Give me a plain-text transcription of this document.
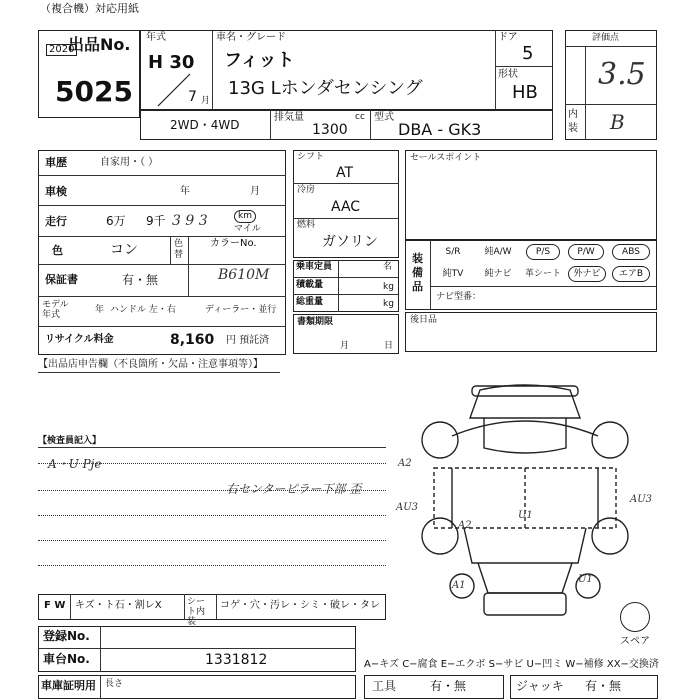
（複合機）対応用紙
出品No.
2020
5025
年式
H 30
7 月
車名・グレード
フィット
13G Lホンダセンシング
ドア
5
形状
HB
2WD・4WD
排気量
1300
cc 型式
DBA - GK3
評価点
3.5
内装 B
車歴	自家用・（ ）
車検	年	月
走行	6万 9千 3 9 3	km
マイル
色	コン	色替
カラーNo.
B610M
保証書	有・無
モデル年式	年 ハンドル 左・右	ディーラー・並行
リサイクル料金	8,160 円 預託済
シフト
AT
冷房
AAC
燃料
ガソリン
乗車定員	名
積載量	kg
総重量	kg
書類期限
月	日
セールスポイント
装備品
S/R	純A/W	P/S	P/W	ABS
純TV	純ナビ	革シート	外ナビ	エアB
ナビ型番：
後日品
【出品店申告欄（不良箇所・欠品・注意事項等）】
【検査員記入】
A・U Pje
右センターピラー下部 歪
A2
AU3
A2
U1
AU3
A1
U1
スペア
F W キズ・ト石・割レX	シート内装
コゲ・穴・汚レ・シミ・破レ・タレ
登録No.
車台No.	1331812
車庫証明用 長さ
A−キズ C−腐食 E−エクボ S−サビ U−凹ミ W−補修 XX−交換済
工具	有・無	ジャッキ 有・無
